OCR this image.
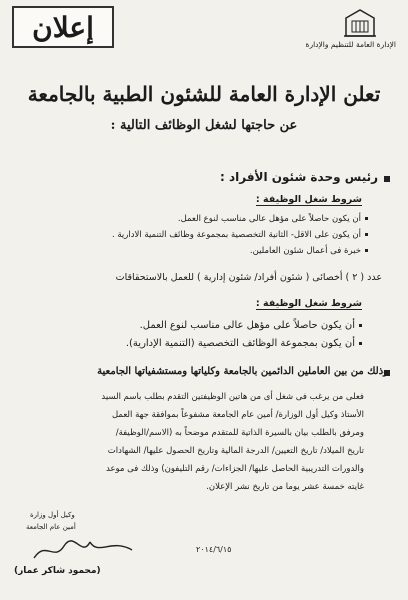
إعلان
الإدارة العامة للتنظيم والإدارة
تعلن الإدارة العامة للشئون الطبية بالجامعة
عن حاجتها لشغل الوظائف التالية :
رئيس وحدة شئون الأفراد :
شروط شغل الوظيفة :
أن يكون حاصلاً على مؤهل عالى مناسب لنوع العمل.
أن يكون على الاقل- الثانية التخصصية بمجموعة وظائف التنمية الادارية .
خبرة فى أعمال شئون العاملين.
عدد ( ٢ ) أخصائى ( شئون أفراد/ شئون إدارية ) للعمل بالاستحقاقات
شروط شغل الوظيفة :
أن يكون حاصلاً على مؤهل عالى مناسب لنوع العمل.
أن يكون بمجموعة الوظائف التخصصية (التنمية الإدارية).
وذلك من بين العاملين الدائمين بالجامعة وكلياتها ومستشفياتها الجامعية
فعلى من يرغب فى شغل أى من هاتين الوظيفتين التقدم بطلب باسم السيد
الأستاذ وكيل أول الوزارة/ أمين عام الجامعة مشفوعاً بموافقة جهة العمل
ومرفق بالطلب بيان بالسيرة الذاتية للمتقدم موضحاً به (الاسم/الوظيفة/
تاريخ الميلاد/ تاريخ التعيين/ الدرجة المالية وتاريخ الحصول عليها/ الشهادات
والدورات التدريبية الحاصل عليها/ الجزاءات/ رقم التليفون) وذلك فى موعد
غايته خمسة عشر يوما من تاريخ نشر الإعلان.
وكيل أول وزارة
أمين عام الجامعة
٢٠١٤/٦/١٥
(محمود شاكر عمار)
